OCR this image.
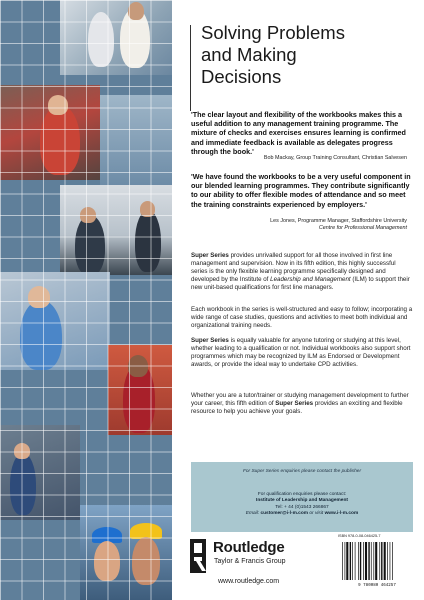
Solving Problems
and Making
Decisions
'The clear layout and flexibility of the workbooks makes this a useful addition to any management training programme. The mixture of checks and exercises ensures learning is confirmed and immediate feedback is available as delegates progress through the book.'
Bob Mackay, Group Training Consultant, Christian Salvesen
'We have found the workbooks to be a very useful component in our blended learning programmes. They contribute significantly to our ability to offer flexible modes of attendance and so meet the training constraints experienced by employers.'
Les Jones, Programme Manager, Staffordshire University
Centre for Professional Management
Super Series provides unrivalled support for all those involved in first line management and supervision. Now in its fifth edition, this highly successful series is the only flexible learning programme specifically designed and developed by the Institute of Leadership and Management (ILM) to support their new unit-based qualifications for first line managers.
Each workbook in the series is well-structured and easy to follow; incorporating a wide range of case studies, questions and activities to meet both individual and organizational training needs.
Super Series is equally valuable for anyone tutoring or studying at this level, whether leading to a qualification or not. Individual workbooks also support short programmes which may be recognized by ILM as Endorsed or Development awards, or provide the ideal way to undertake CPD activities.
Whether you are a tutor/trainer or studying management development to further your career, this fifth edition of Super Series provides an exciting and flexible resource to help you achieve your goals.
For Super Series enquiries please contact the publisher
For qualification enquiries please contact:
Institute of Leadership and Management
Tel: + 44 (0)1543 266867
Email: customer@i-l-m.com or visit www.i-l-m.com
Routledge
Taylor & Francis Group
www.routledge.com
ISBN 978-0-08-046425-7
9 780080 464257
